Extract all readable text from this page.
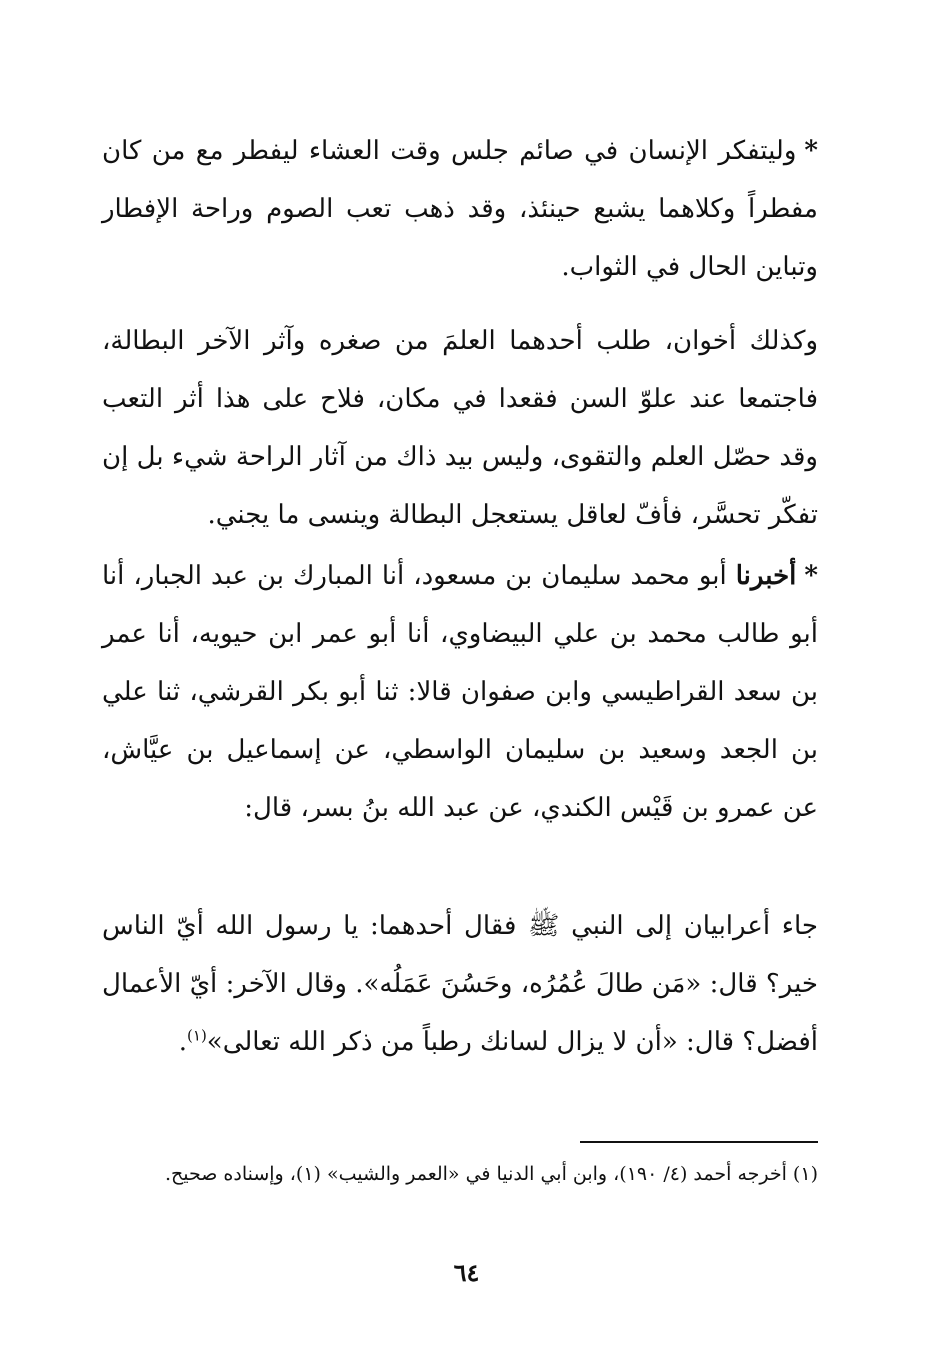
*وليتفكر الإنسان في صائم جلس وقت العشاء ليفطر مع من كان مفطراً وكلاهما يشبع حينئذ، وقد ذهب تعب الصوم وراحة الإفطار وتباين الحال في الثواب.

وكذلك أخوان، طلب أحدهما العلمَ من صغره وآثر الآخر البطالة، فاجتمعا عند علوّ السن فقعدا في مكان، فلاح على هذا أثر التعب وقد حصّل العلم والتقوى، وليس بيد ذاك من آثار الراحة شيء بل إن تفكّر تحسَّر، فأفّ لعاقل يستعجل البطالة وينسى ما يجني.

*أخبرنا أبو محمد سليمان بن مسعود، أنا المبارك بن عبد الجبار، أنا أبو طالب محمد بن علي البيضاوي، أنا أبو عمر ابن حيويه، أنا عمر بن سعد القراطيسي وابن صفوان قالا: ثنا أبو بكر القرشي، ثنا علي بن الجعد وسعيد بن سليمان الواسطي، عن إسماعيل بن عيَّاش، عن عمرو بن قَيْس الكندي، عن عبد الله بنُ بسر، قال:

جاء أعرابيان إلى النبي ﷺ فقال أحدهما: يا رسول الله أيّ الناس خير؟ قال: «مَن طالَ عُمُرُه، وحَسُنَ عَمَلُه». وقال الآخر: أيّ الأعمال أفضل؟ قال: «أن لا يزال لسانك رطباً من ذكر الله تعالى»$^{(١)}$.

(١) أخرجه أحمد (٤/ ١٩٠)، وابن أبي الدنيا في «العمر والشيب» (١)، وإسناده صحيح.

٦٤
